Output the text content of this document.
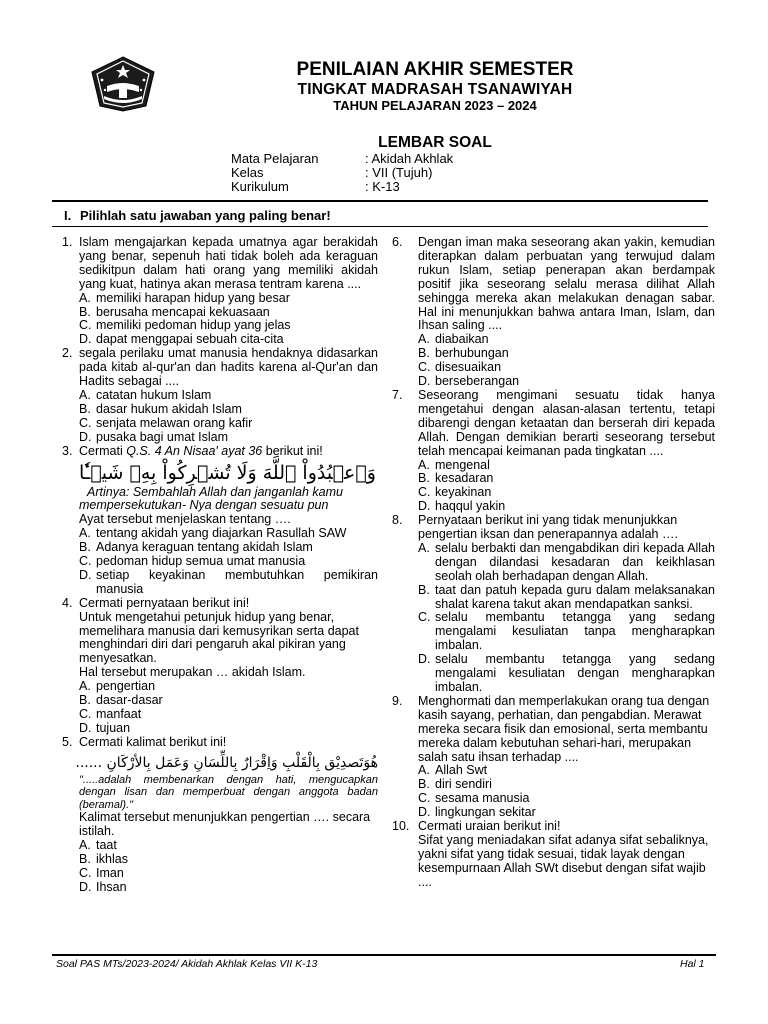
PENILAIAN AKHIR SEMESTER
TINGKAT MADRASAH TSANAWIYAH
TAHUN PELAJARAN 2023 – 2024
LEMBAR SOAL
Mata Pelajaran	: Akidah Akhlak
Kelas	: VII (Tujuh)
Kurikulum	: K-13
I. Pilihlah satu jawaban yang paling benar!
1. Islam mengajarkan kepada umatnya agar berakidah yang benar, sepenuh hati tidak boleh ada keraguan sedikitpun dalam hati orang yang memiliki akidah yang kuat, hatinya akan merasa tentram karena ....
A. memiliki harapan hidup yang besar
B. berusaha mencapai kekuasaan
C. memiliki pedoman hidup yang jelas
D. dapat menggapai sebuah cita-cita
2. segala perilaku umat manusia hendaknya didasarkan pada kitab al-qur'an dan hadits karena al-Qur'an dan Hadits sebagai ....
A. catatan hukum Islam
B. dasar hukum akidah Islam
C. senjata melawan orang kafir
D. pusaka bagi umat Islam
3. Cermati Q.S. 4 An Nisaa' ayat 36 berikut ini!
وَٱعۡبُدُواْ ٱللَّهَ وَلَا تُشۡرِكُواْ بِهِۦ شَيۡـٔٗا
Artinya: Sembahlah Allah dan janganlah kamu mempersekutukan- Nya dengan sesuatu pun
Ayat tersebut menjelaskan tentang ….
A. tentang akidah yang diajarkan Rasullah SAW
B. Adanya keraguan tentang akidah Islam
C. pedoman hidup semua umat manusia
D. setiap keyakinan membutuhkan pemikiran manusia
4. Cermati pernyataan berikut ini!
Untuk mengetahui petunjuk hidup yang benar, memelihara manusia dari kemusyrikan serta dapat menghindari diri dari pengaruh akal pikiran yang menyesatkan.
Hal tersebut merupakan … akidah Islam.
A. pengertian
B. dasar-dasar
C. manfaat
D. tujuan
5. Cermati kalimat berikut ini!
هُوَتَصدِيْق بِالْقَلْبِ وَاِقْرَارٌ بِاللِّسَانِ وَعَمَل بِالأرْكَانِ ......
".....adalah membenarkan dengan hati, mengucapkan dengan lisan dan memperbuat dengan anggota badan (beramal)."
Kalimat tersebut menunjukkan pengertian …. secara istilah.
A. taat
B. ikhlas
C. Iman
D. Ihsan
6.	Dengan iman maka seseorang akan yakin, kemudian diterapkan dalam perbuatan yang terwujud dalam rukun Islam, setiap penerapan akan berdampak positif jika seseorang selalu merasa dilihat Allah sehingga mereka akan melakukan denagan sabar. Hal ini menunjukkan bahwa antara Iman, Islam, dan Ihsan saling ....
A. diabaikan
B. berhubungan
C. disesuaikan
D. berseberangan
7.	Seseorang mengimani sesuatu tidak hanya mengetahui dengan alasan-alasan tertentu, tetapi dibarengi dengan ketaatan dan berserah diri kepada Allah. Dengan demikian berarti seseorang tersebut telah mencapai keimanan pada tingkatan ....
A. mengenal
B. kesadaran
C. keyakinan
D. haqqul yakin
8.	Pernyataan berikut ini yang tidak menunjukkan pengertian iksan dan penerapannya adalah ….
A. selalu berbakti dan mengabdikan diri kepada Allah dengan dilandasi kesadaran dan keikhlasan seolah olah berhadapan dengan Allah.
B. taat dan patuh kepada guru dalam melaksanakan shalat karena takut akan mendapatkan sanksi.
C. selalu membantu tetangga yang sedang mengalami kesuliatan tanpa mengharapkan imbalan.
D. selalu membantu tetangga yang sedang mengalami kesuliatan dengan mengharapkan imbalan.
9.	Menghormati dan memperlakukan orang tua dengan kasih sayang, perhatian, dan pengabdian. Merawat mereka secara fisik dan emosional, serta membantu mereka dalam kebutuhan sehari-hari, merupakan salah satu ihsan terhadap ....
A. Allah Swt
B. diri sendiri
C. sesama manusia
D. lingkungan sekitar
10. Cermati uraian berikut ini!
Sifat yang meniadakan sifat adanya sifat sebaliknya, yakni sifat yang tidak sesuai, tidak layak dengan kesempurnaan Allah SWt disebut dengan sifat wajib ....
Soal PAS MTs/2023-2024/ Akidah Akhlak Kelas VII K-13	Hal 1
